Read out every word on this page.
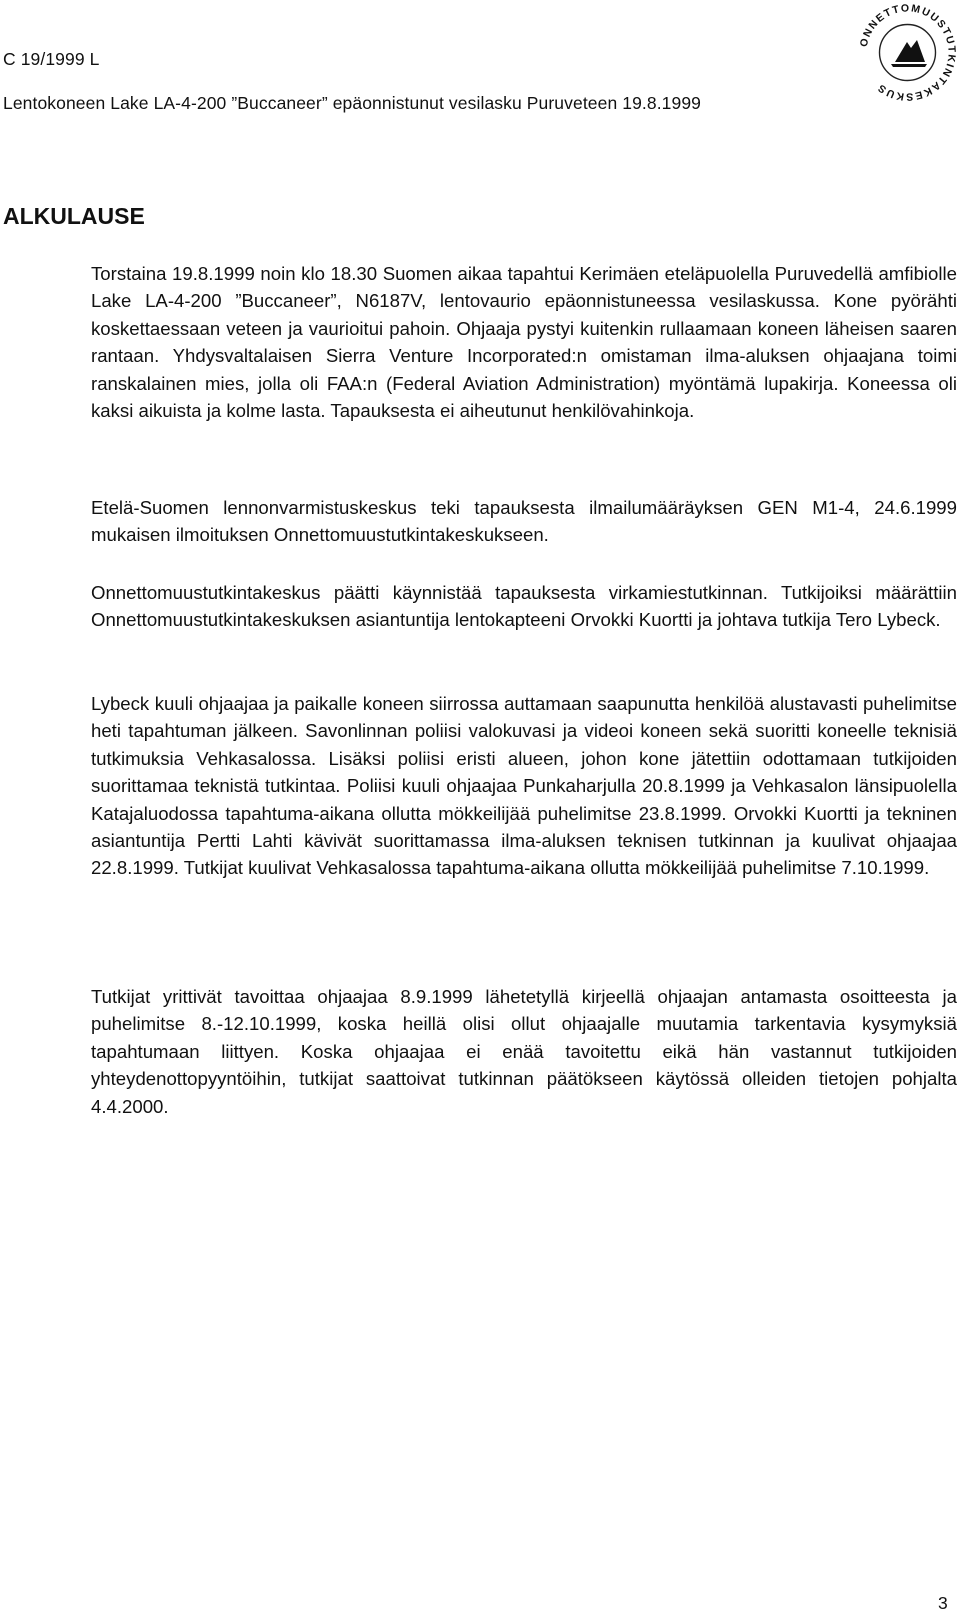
C 19/1999 L
Lentokoneen Lake LA-4-200 ”Buccaneer” epäonnistunut vesilasku Puruveteen 19.8.1999
ONNETTOMUUSTUTKINTAKESKUS
ALKULAUSE

Torstaina 19.8.1999 noin klo 18.30 Suomen aikaa tapahtui Kerimäen eteläpuolella Puruvedellä amfibiolle Lake LA-4-200 ”Buccaneer”, N6187V, lentovaurio epäonnistuneessa vesilaskussa. Kone pyörähti koskettaessaan veteen ja vaurioitui pahoin. Ohjaaja pystyi kuitenkin rullaamaan koneen läheisen saaren rantaan. Yhdysvaltalaisen Sierra Venture Incorporated:n omistaman ilma-aluksen ohjaajana toimi ranskalainen mies, jolla oli FAA:n (Federal Aviation Administration) myöntämä lupakirja. Koneessa oli kaksi aikuista ja kolme lasta. Tapauksesta ei aiheutunut henkilövahinkoja.

Etelä-Suomen lennonvarmistuskeskus teki tapauksesta ilmailumääräyksen GEN M1-4, 24.6.1999 mukaisen ilmoituksen Onnettomuustutkintakeskukseen.

Onnettomuustutkintakeskus päätti käynnistää tapauksesta virkamiestutkinnan. Tutkijoiksi määrättiin Onnettomuustutkintakeskuksen asiantuntija lentokapteeni Orvokki Kuortti ja johtava tutkija Tero Lybeck.

Lybeck kuuli ohjaajaa ja paikalle koneen siirrossa auttamaan saapunutta henkilöä alustavasti puhelimitse heti tapahtuman jälkeen. Savonlinnan poliisi valokuvasi ja videoi koneen sekä suoritti koneelle teknisiä tutkimuksia Vehkasalossa. Lisäksi poliisi eristi alueen, johon kone jätettiin odottamaan tutkijoiden suorittamaa teknistä tutkintaa. Poliisi kuuli ohjaajaa Punkaharjulla 20.8.1999 ja Vehkasalon länsipuolella Katajaluodossa tapahtuma-aikana ollutta mökkeilijää puhelimitse 23.8.1999. Orvokki Kuortti ja tekninen asiantuntija Pertti Lahti kävivät suorittamassa ilma-aluksen teknisen tutkinnan ja kuulivat ohjaajaa 22.8.1999. Tutkijat kuulivat Vehkasalossa tapahtuma-aikana ollutta mökkeilijää puhelimitse 7.10.1999.

Tutkijat yrittivät tavoittaa ohjaajaa 8.9.1999 lähetetyllä kirjeellä ohjaajan antamasta osoitteesta ja puhelimitse 8.-12.10.1999, koska heillä olisi ollut ohjaajalle muutamia tarkentavia kysymyksiä tapahtumaan liittyen. Koska ohjaajaa ei enää tavoitettu eikä hän vastannut tutkijoiden yhteydenottopyyntöihin, tutkijat saattoivat tutkinnan päätökseen käytössä olleiden tietojen pohjalta 4.4.2000.

3
